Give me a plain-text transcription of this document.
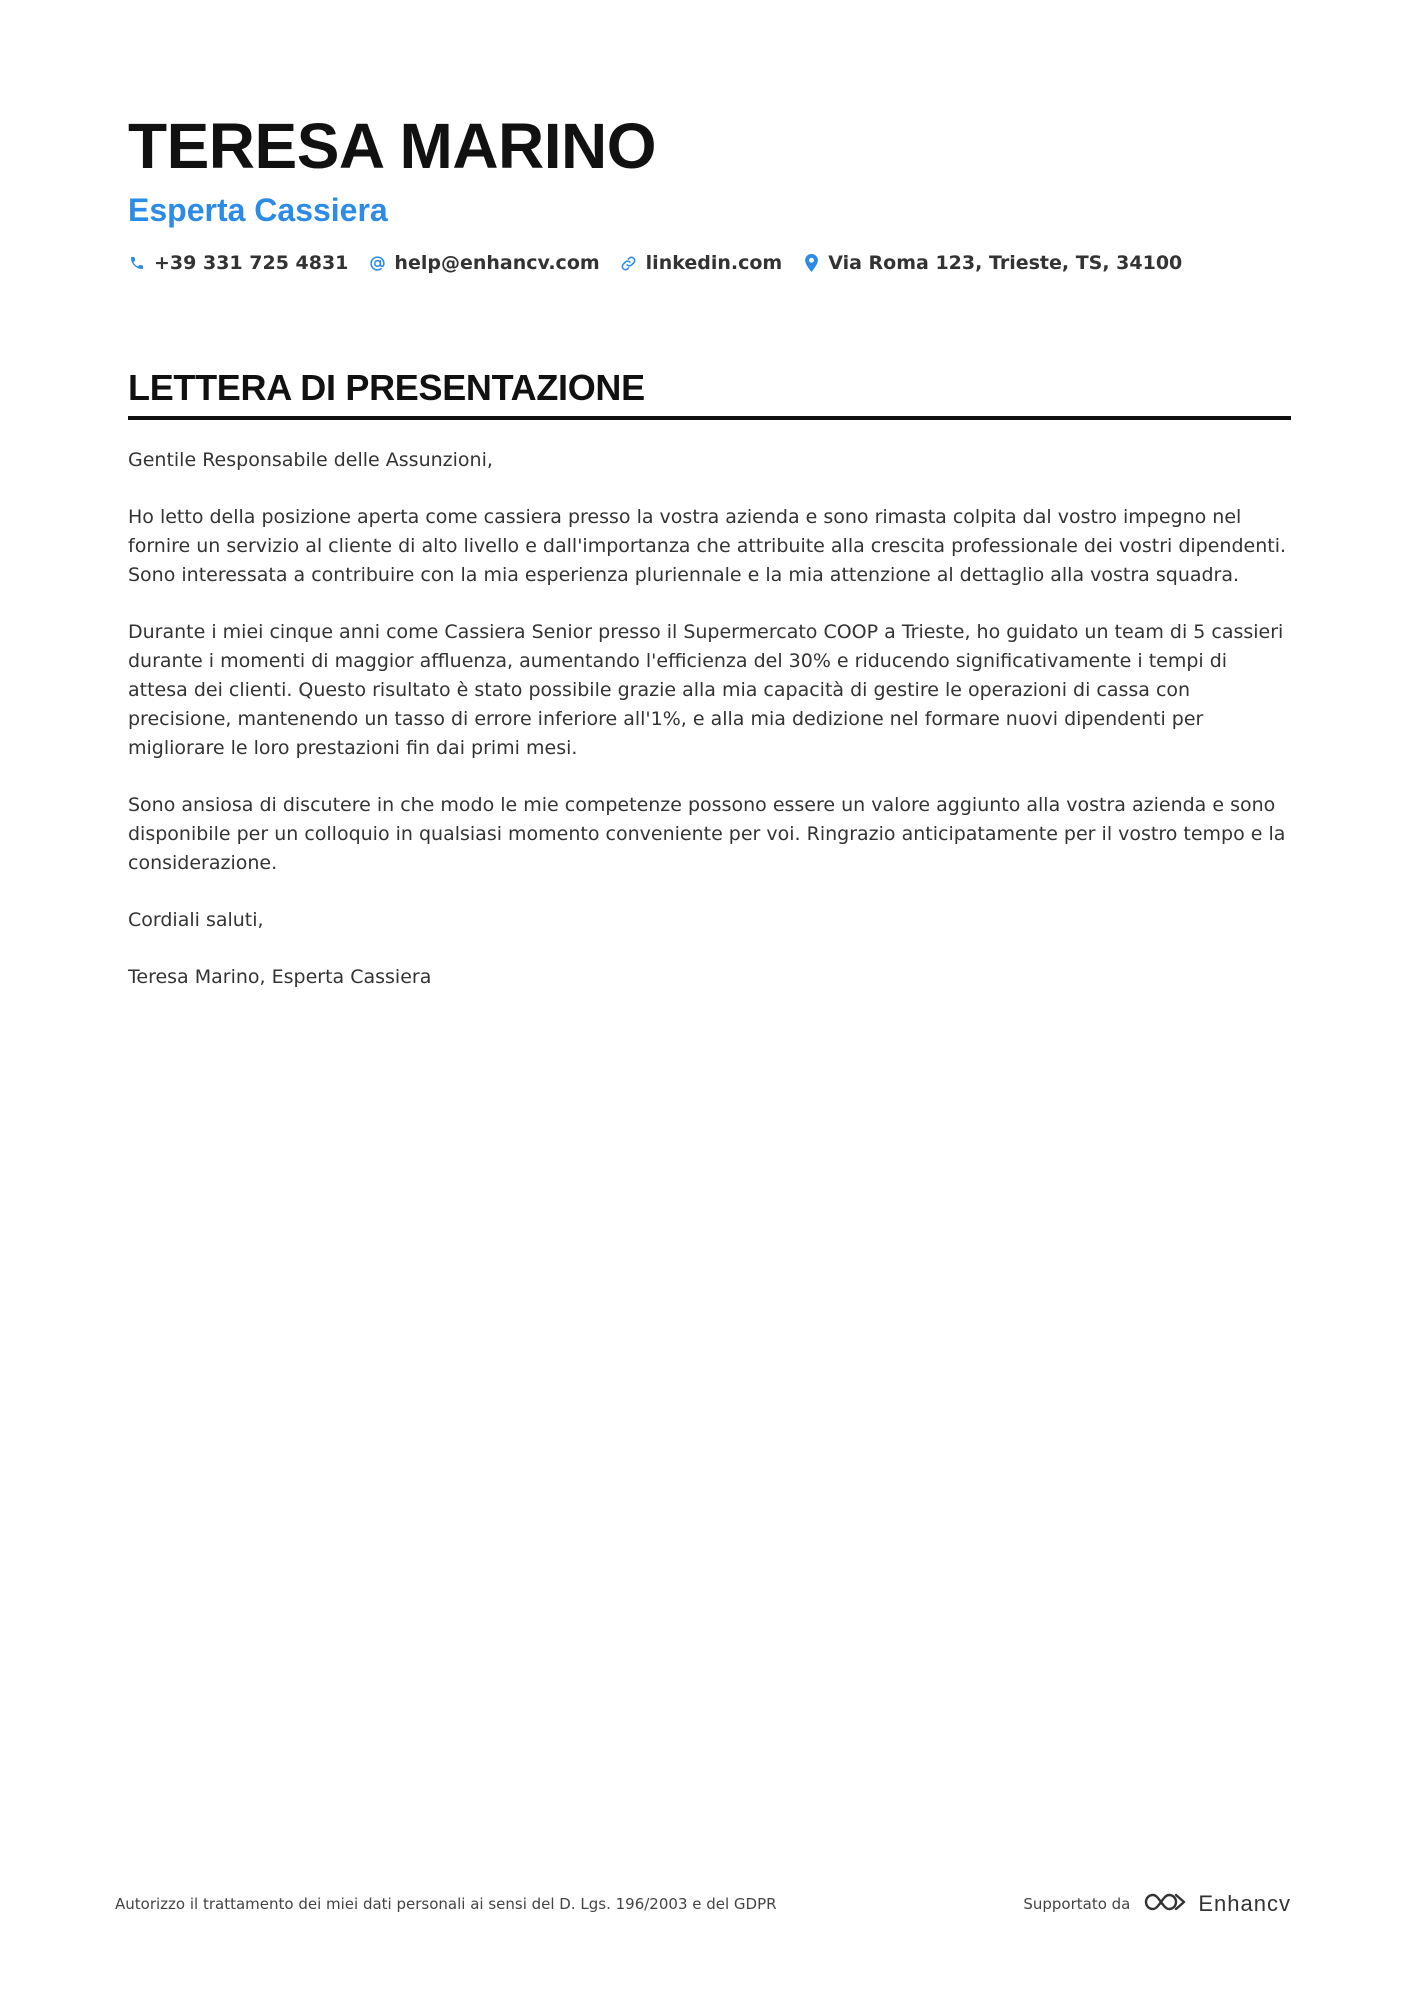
TERESA MARINO
Esperta Cassiera
+39 331 725 4831 help@enhancv.com linkedin.com Via Roma 123, Trieste, TS, 34100
LETTERA DI PRESENTAZIONE

Gentile Responsabile delle Assunzioni,

Ho letto della posizione aperta come cassiera presso la vostra azienda e sono rimasta colpita dal vostro impegno nel fornire un servizio al cliente di alto livello e dall'importanza che attribuite alla crescita professionale dei vostri dipendenti. Sono interessata a contribuire con la mia esperienza pluriennale e la mia attenzione al dettaglio alla vostra squadra.

Durante i miei cinque anni come Cassiera Senior presso il Supermercato COOP a Trieste, ho guidato un team di 5 cassieri durante i momenti di maggior affluenza, aumentando l'efficienza del 30% e riducendo significativamente i tempi di attesa dei clienti. Questo risultato è stato possibile grazie alla mia capacità di gestire le operazioni di cassa con precisione, mantenendo un tasso di errore inferiore all'1%, e alla mia dedizione nel formare nuovi dipendenti per migliorare le loro prestazioni fin dai primi mesi.

Sono ansiosa di discutere in che modo le mie competenze possono essere un valore aggiunto alla vostra azienda e sono disponibile per un colloquio in qualsiasi momento conveniente per voi. Ringrazio anticipatamente per il vostro tempo e la considerazione.

Cordiali saluti,

Teresa Marino, Esperta Cassiera

Autorizzo il trattamento dei miei dati personali ai sensi del D. Lgs. 196/2003 e del GDPR	Supportato da	Enhancv
